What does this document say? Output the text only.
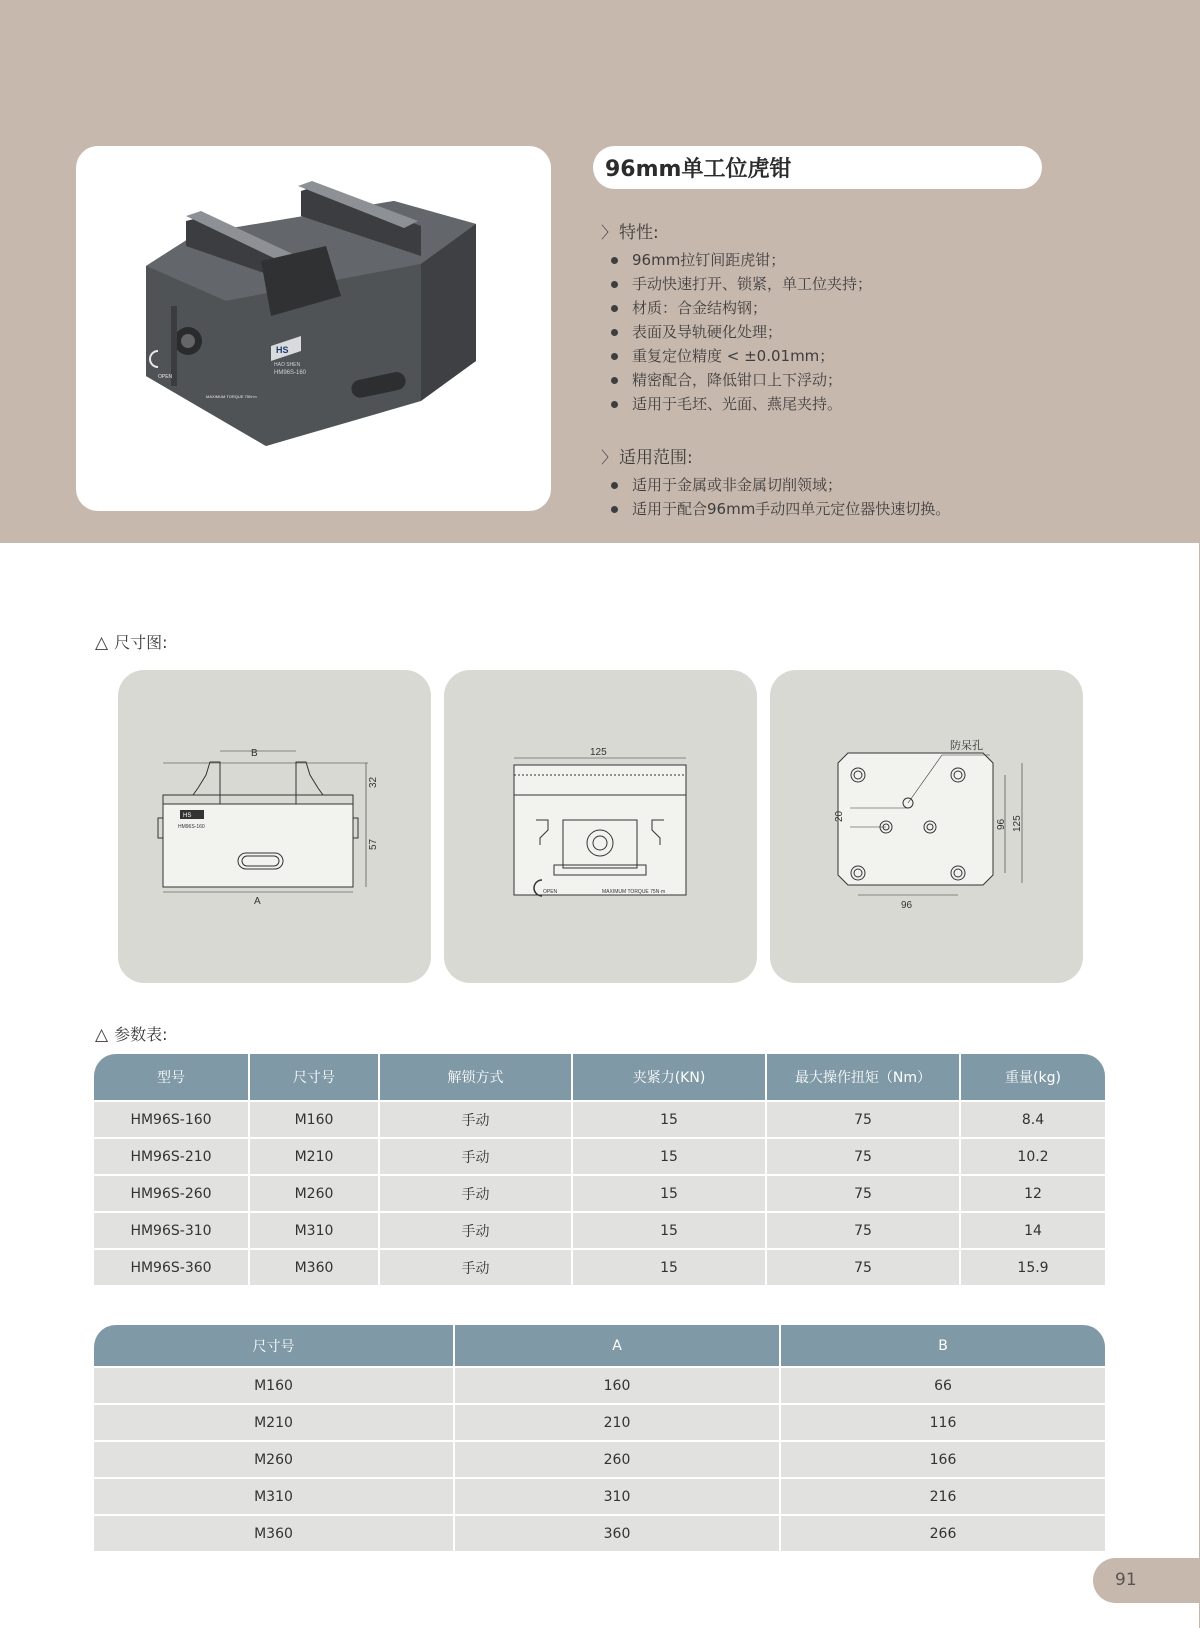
HS
HM96S-160
HAO SHEN
OPEN
MAXIMUM TORQUE 75N·m
96mm单工位虎钳
〉 特性:
96mm拉钉间距虎钳；
手动快速打开、锁紧，单工位夹持；
材质：合金结构钢；
表面及导轨硬化处理；
重复定位精度 < ±0.01mm；
精密配合，降低钳口上下浮动；
适用于毛坯、光面、燕尾夹持。
〉 适用范围:
适用于金属或非金属切削领域；
适用于配合96mm手动四单元定位器快速切换。
△ 尺寸图:
HS
HM96S-160
B
A
32
57
125
OPEN	MAXIMUM TORQUE 75N·m
防呆孔
20
96 125
96
△ 参数表:
型号	尺寸号	解锁方式	夹紧力(KN)	最大操作扭矩（Nm）	重量(kg)
HM96S-160	M160	手动	15	75	8.4
HM96S-210	M210	手动	15	75	10.2
HM96S-260	M260	手动	15	75	12
HM96S-310	M310	手动	15	75	14
HM96S-360	M360	手动	15	75	15.9
尺寸号	A	B
M160	160	66
M210	210	116
M260	260	166
M310	310	216
M360	360	266
91
